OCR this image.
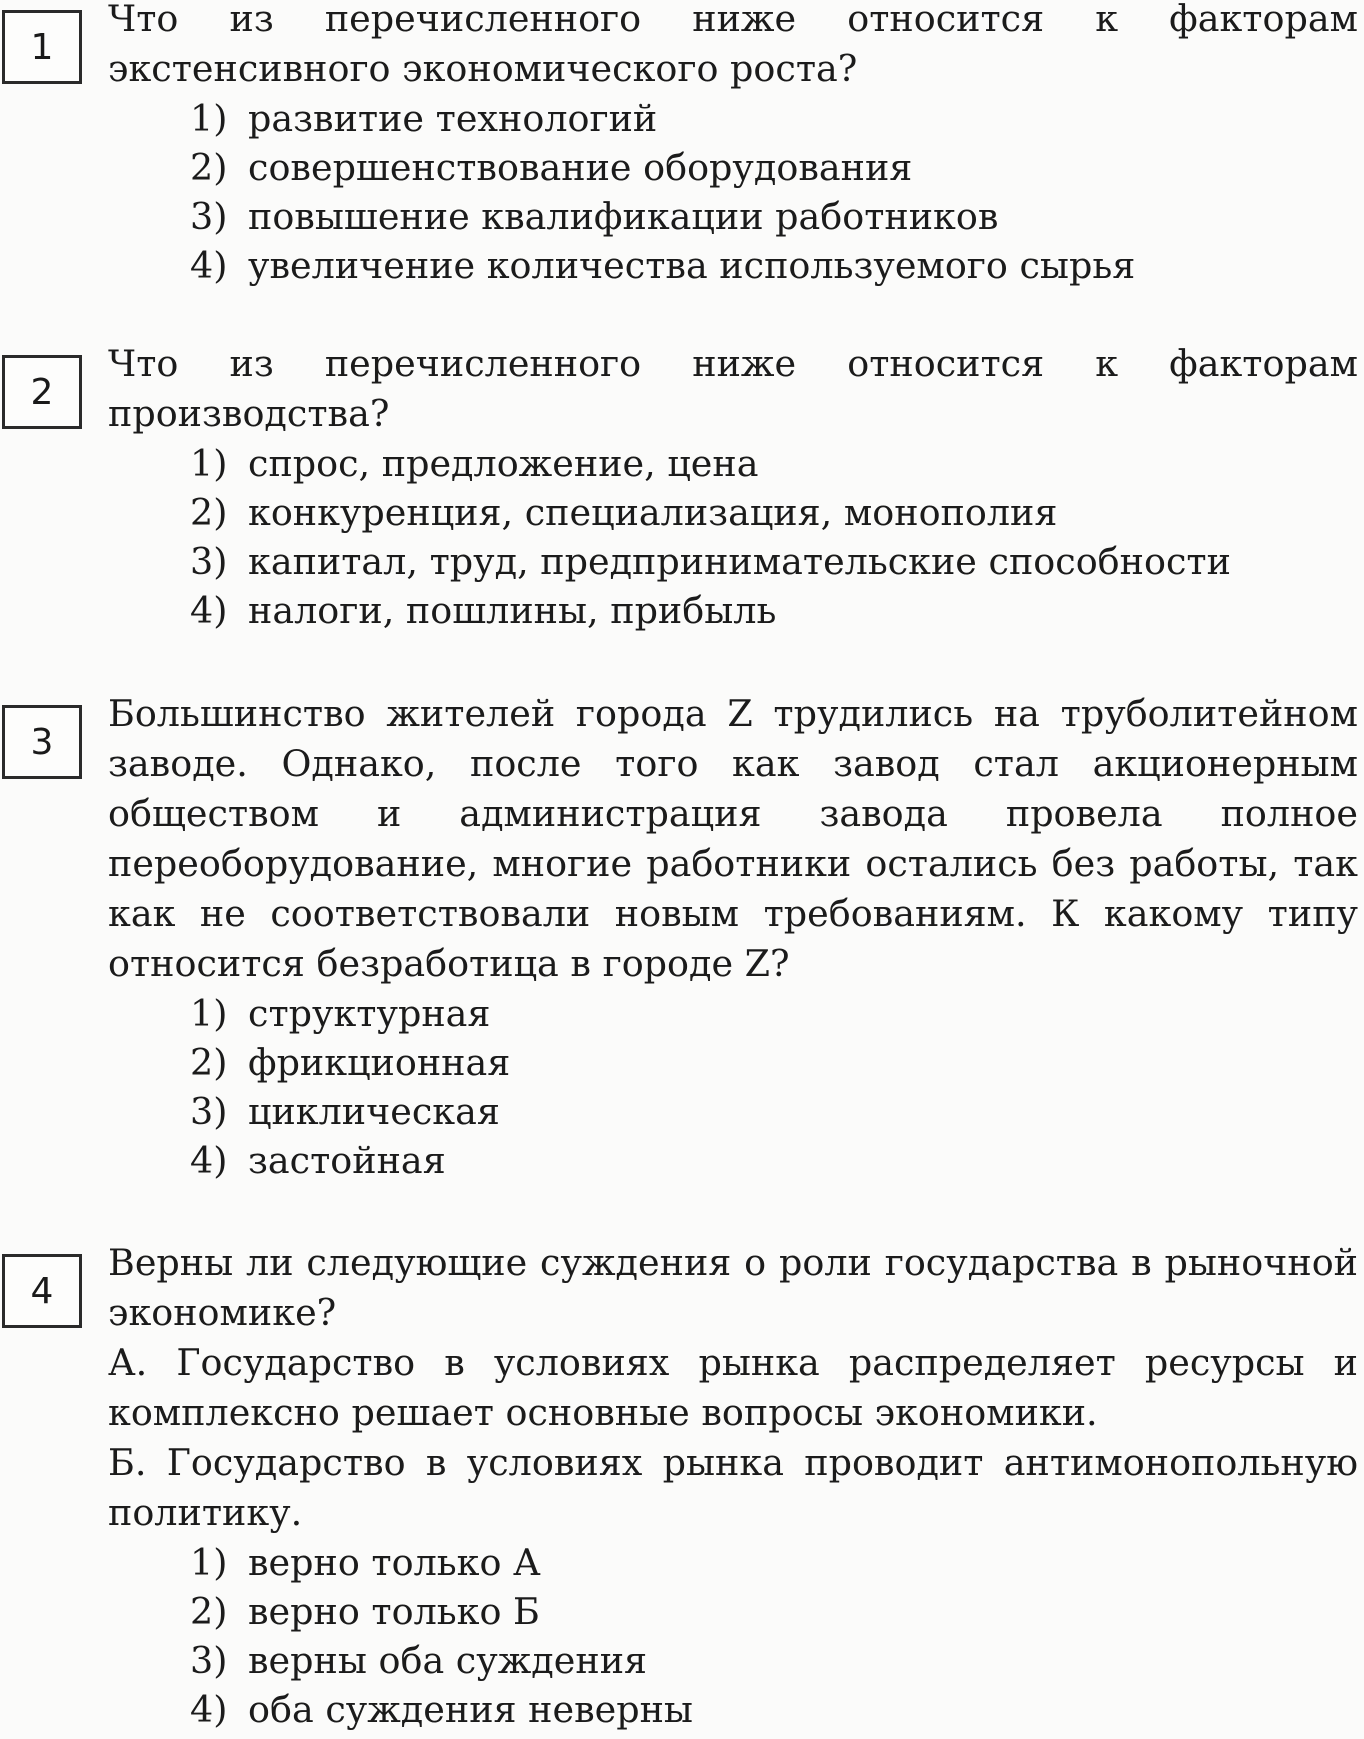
1

Что из перечисленного ниже относится к факторам экстенсивного экономического роста?

1) развитие технологий
2) совершенствование оборудования
3) повышение квалификации работников
4) увеличение количества используемого сырья
2

Что из перечисленного ниже относится к факторам производства?

1) спрос, предложение, цена
2) конкуренция, специализация, монополия
3) капитал, труд, предпринимательские способности
4) налоги, пошлины, прибыль
3

Большинство жителей города Z трудились на труболитейном заводе. Однако, после того как завод стал акционерным обществом и администрация завода провела полное переоборудование, многие работники остались без работы, так как не соответствовали новым требованиям. К какому типу относится безработица в городе Z?

1) структурная
2) фрикционная
3) циклическая
4) застойная
4

Верны ли следующие суждения о роли государства в рыночной экономике?

А. Государство в условиях рынка распределяет ресурсы и комплексно решает основные вопросы экономики.

Б. Государство в условиях рынка проводит антимонопольную политику.

1) верно только А
2) верно только Б
3) верны оба суждения
4) оба суждения неверны
